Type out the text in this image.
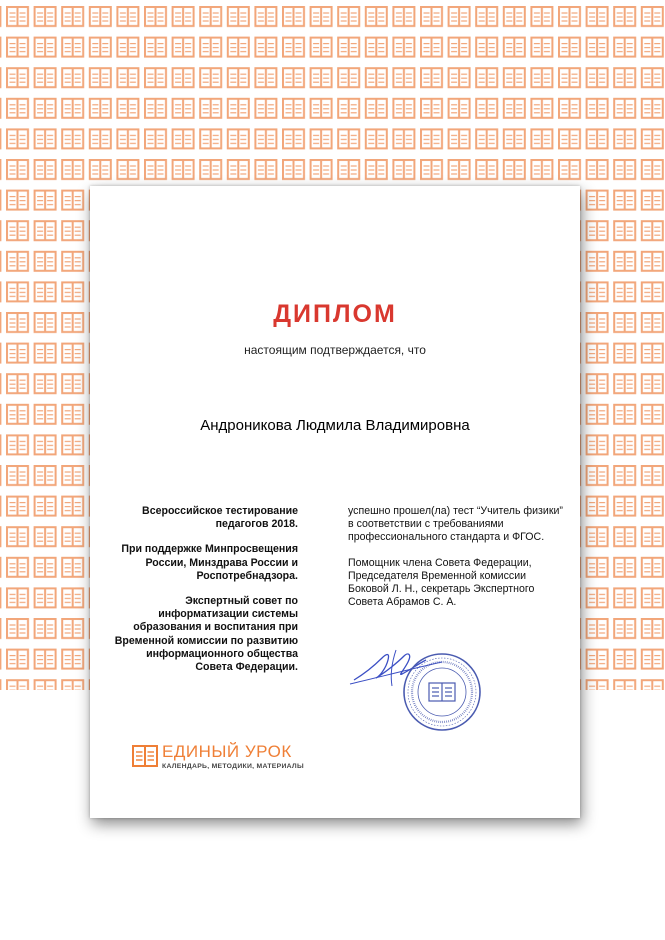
ДИПЛОМ
настоящим подтверждается, что
Андроникова Людмила Владимировна

Всероссийское тестирование педагогов 2018.

При поддержке Минпросвещения России, Минздрава России и Роспотребнадзора.

Экспертный совет по информатизации системы образования и воспитания при Временной комиссии по развитию информационного общества Совета Федерации.

успешно прошел(ла) тест “Учитель физики” в соответствии с требованиями профессионального стандарта и ФГОС.

Помощник члена Совета Федерации, Председателя Временной комиссии Боковой Л. Н., секретарь Экспертного Совета Абрамов С. А.

ЕДИНЫЙ УРОК
КАЛЕНДАРЬ, МЕТОДИКИ, МАТЕРИАЛЫ
